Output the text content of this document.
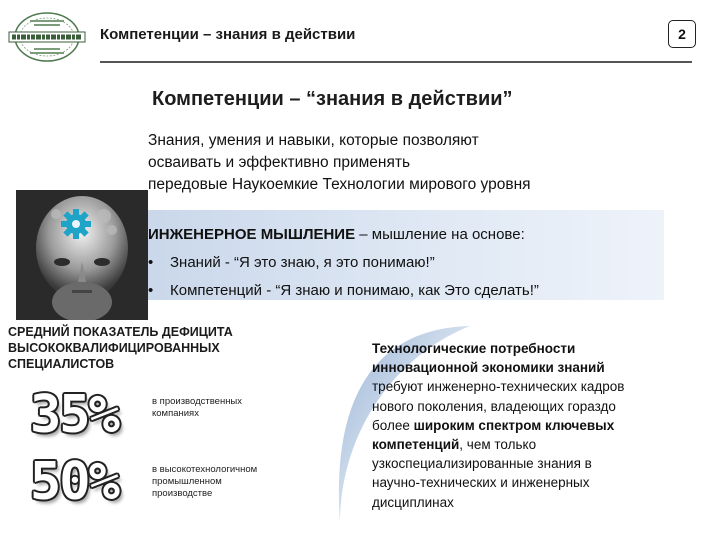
Компетенции – знания в действии	2
Компетенции – “знания в действии”
Знания, умения и навыки, которые позволяют
осваивать и эффективно применять
передовые Наукоемкие Технологии мирового уровня
ИНЖЕНЕРНОЕ МЫШЛЕНИЕ – мышление на основе:
• Знаний - “Я это знаю, я это понимаю!”
• Компетенций - “Я знаю и понимаю, как Это сделать!”
СРЕДНИЙ ПОКАЗАТЕЛЬ ДЕФИЦИТА
ВЫСОКОКВАЛИФИЦИРОВАННЫХ
СПЕЦИАЛИСТОВ
35%	в производственных
компаниях
50%	в высокотехнологичном
промышленном
производстве
Технологические потребности
инновационной экономики знаний
требуют инженерно-технических кадров
нового поколения, владеющих гораздо
более широким спектром ключевых
компетенций, чем только
узкоспециализированные знания в
научно-технических и инженерных
дисциплинах
